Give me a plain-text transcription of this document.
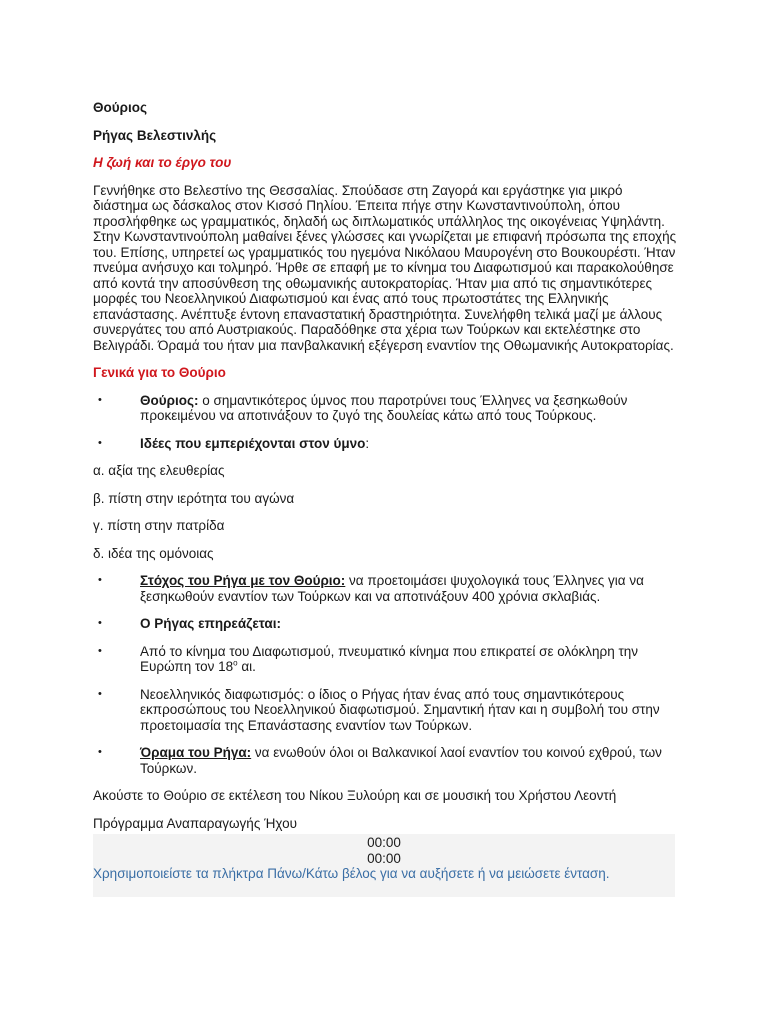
Θούριος

Ρήγας Βελεστινλής

Η ζωή και το έργο του

Γεννήθηκε στο Βελεστίνο της Θεσσαλίας. Σπούδασε στη Ζαγορά και εργάστηκε για μικρό διάστημα ως δάσκαλος στον Κισσό Πηλίου. Έπειτα πήγε στην Κωνσταντινούπολη, όπου προσλήφθηκε ως γραμματικός, δηλαδή ως διπλωματικός υπάλληλος της οικογένειας Υψηλάντη. Στην Κωνσταντινούπολη μαθαίνει ξένες γλώσσες και γνωρίζεται με επιφανή πρόσωπα της εποχής του. Επίσης, υπηρετεί ως γραμματικός του ηγεμόνα Νικόλαου Μαυρογένη στο Βουκουρέστι. Ήταν πνεύμα ανήσυχο και τολμηρό. Ήρθε σε επαφή με το κίνημα του Διαφωτισμού και παρακολούθησε από κοντά την αποσύνθεση της οθωμανικής αυτοκρατορίας. Ήταν μια από τις σημαντικότερες μορφές του Νεοελληνικού Διαφωτισμού και ένας από τους πρωτοστάτες της Ελληνικής επανάστασης. Ανέπτυξε έντονη επαναστατική δραστηριότητα. Συνελήφθη τελικά μαζί με άλλους συνεργάτες του από Αυστριακούς. Παραδόθηκε στα χέρια των Τούρκων και εκτελέστηκε στο Βελιγράδι. Όραμά του ήταν μια πανβαλκανική εξέγερση εναντίον της Οθωμανικής Αυτοκρατορίας.

Γενικά για το Θούριο

•	Θούριος: ο σημαντικότερος ύμνος που παροτρύνει τους Έλληνες να ξεσηκωθούν προκειμένου να αποτινάξουν το ζυγό της δουλείας κάτω από τους Τούρκους.
•	Ιδέες που εμπεριέχονται στον ύμνο:

α. αξία της ελευθερίας

β. πίστη στην ιερότητα του αγώνα

γ. πίστη στην πατρίδα

δ. ιδέα της ομόνοιας

•	Στόχος του Ρήγα με τον Θούριο: να προετοιμάσει ψυχολογικά τους Έλληνες για να ξεσηκωθούν εναντίον των Τούρκων και να αποτινάξουν 400 χρόνια σκλαβιάς.
•	Ο Ρήγας επηρεάζεται:
•	Από το κίνημα του Διαφωτισμού, πνευματικό κίνημα που επικρατεί σε ολόκληρη την Ευρώπη τον $18^o$ αι.
•	Νεοελληνικός διαφωτισμός: ο ίδιος ο Ρήγας ήταν ένας από τους σημαντικότερους εκπροσώπους του Νεοελληνικού διαφωτισμού. Σημαντική ήταν και η συμβολή του στην προετοιμασία της Επανάστασης εναντίον των Τούρκων.
•	Όραμα του Ρήγα: να ενωθούν όλοι οι Βαλκανικοί λαοί εναντίον του κοινού εχθρού, των Τούρκων.

Ακούστε το Θούριο σε εκτέλεση του Νίκου Ξυλούρη και σε μουσική του Χρήστου Λεοντή

Πρόγραμμα Αναπαραγωγής Ήχου

00:00
00:00
Χρησιμοποιείστε τα πλήκτρα Πάνω/Κάτω βέλος για να αυξήσετε ή να μειώσετε ένταση.
